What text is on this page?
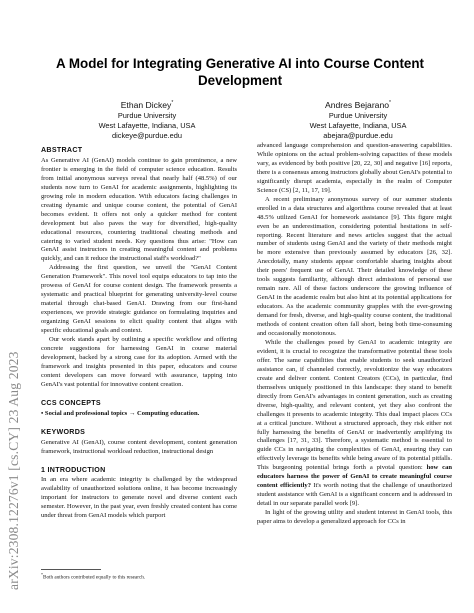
arXiv:2308.12276v1 [cs.CY] 23 Aug 2023
A Model for Integrating Generative AI into Course Content Development
Ethan Dickey*
Purdue University
West Lafayette, Indiana, USA
dickeye@purdue.edu
Andres Bejarano*
Purdue University
West Lafayette, Indiana, USA
abejara@purdue.edu
ABSTRACT

As Generative AI (GenAI) models continue to gain prominence, a new frontier is emerging in the field of computer science education. Results from initial anonymous surveys reveal that nearly half (48.5%) of our students now turn to GenAI for academic assignments, highlighting its growing role in modern education. With educators facing challenges in creating dynamic and unique course content, the potential of GenAI becomes evident. It offers not only a quicker method for content development but also paves the way for diversified, high-quality educational resources, countering traditional cheating methods and catering to varied student needs. Key questions thus arise: "How can GenAI assist instructors in creating meaningful content and problems quickly, and can it reduce the instructional staff's workload?"

Addressing the first question, we unveil the "GenAI Content Generation Framework". This novel tool equips educators to tap into the prowess of GenAI for course content design. The framework presents a systematic and practical blueprint for generating university-level course material through chat-based GenAI. Drawing from our first-hand experiences, we provide strategic guidance on formulating inquiries and organizing GenAI sessions to elicit quality content that aligns with specific educational goals and context.

Our work stands apart by outlining a specific workflow and offering concrete suggestions for harnessing GenAI in course material development, backed by a strong case for its adoption. Armed with the framework and insights presented in this paper, educators and course content developers can move forward with assurance, tapping into GenAI's vast potential for innovative content creation.

CCS CONCEPTS

• Social and professional topics → Computing education.

KEYWORDS

Generative AI (GenAI), course content development, content generation framework, instructional workload reduction, instructional design

1 INTRODUCTION

In an era where academic integrity is challenged by the widespread availability of unauthorized solutions online, it has become increasingly important for instructors to generate novel and diverse content each semester. However, in the past year, even freshly created content has come under threat from GenAI models which purport

advanced language comprehension and question-answering capabilities. While opinions on the actual problem-solving capacities of these models vary, as evidenced by both positive [20, 22, 30] and negative [16] reports, there is a consensus among instructors globally about GenAI's potential to significantly disrupt academia, especially in the realm of Computer Science (CS) [2, 11, 17, 19].

A recent preliminary anonymous survey of our summer students enrolled in a data structures and algorithms course revealed that at least 48.5% utilized GenAI for homework assistance [9]. This figure might even be an underestimation, considering potential hesitations in self-reporting. Recent literature and news articles suggest that the actual number of students using GenAI and the variety of their methods might be more extensive than previously assumed by educators [26, 32]. Anecdotally, many students appear comfortable sharing insights about their peers' frequent use of GenAI. Their detailed knowledge of these tools suggests familiarity, although direct admissions of personal use remain rare. All of these factors underscore the growing influence of GenAI in the academic realm but also hint at its potential applications for educators. As the academic community grapples with the ever-growing demand for fresh, diverse, and high-quality course content, the traditional methods of content creation often fall short, being both time-consuming and occasionally monotonous.

While the challenges posed by GenAI to academic integrity are evident, it is crucial to recognize the transformative potential these tools offer. The same capabilities that enable students to seek unauthorized assistance can, if channeled correctly, revolutionize the way educators create and deliver content. Content Creators (CCs), in particular, find themselves uniquely positioned in this landscape: they stand to benefit directly from GenAI's advantages in content generation, such as creating diverse, high-quality, and relevant content, yet they also confront the challenges it presents to academic integrity. This dual impact places CCs at a critical juncture. Without a structured approach, they risk either not fully harnessing the benefits of GenAI or inadvertently amplifying its challenges [17, 31, 33]. Therefore, a systematic method is essential to guide CCs in navigating the complexities of GenAI, ensuring they can effectively leverage its benefits while being aware of its potential pitfalls. This burgeoning potential brings forth a pivotal question: how can educators harness the power of GenAI to create meaningful course content efficiently? It's worth noting that the challenge of unauthorized student assistance with GenAI is a significant concern and is addressed in detail in our separate parallel work [9].

In light of the growing utility and student interest in GenAI tools, this paper aims to develop a generalized approach for CCs in

*Both authors contributed equally to this research.
